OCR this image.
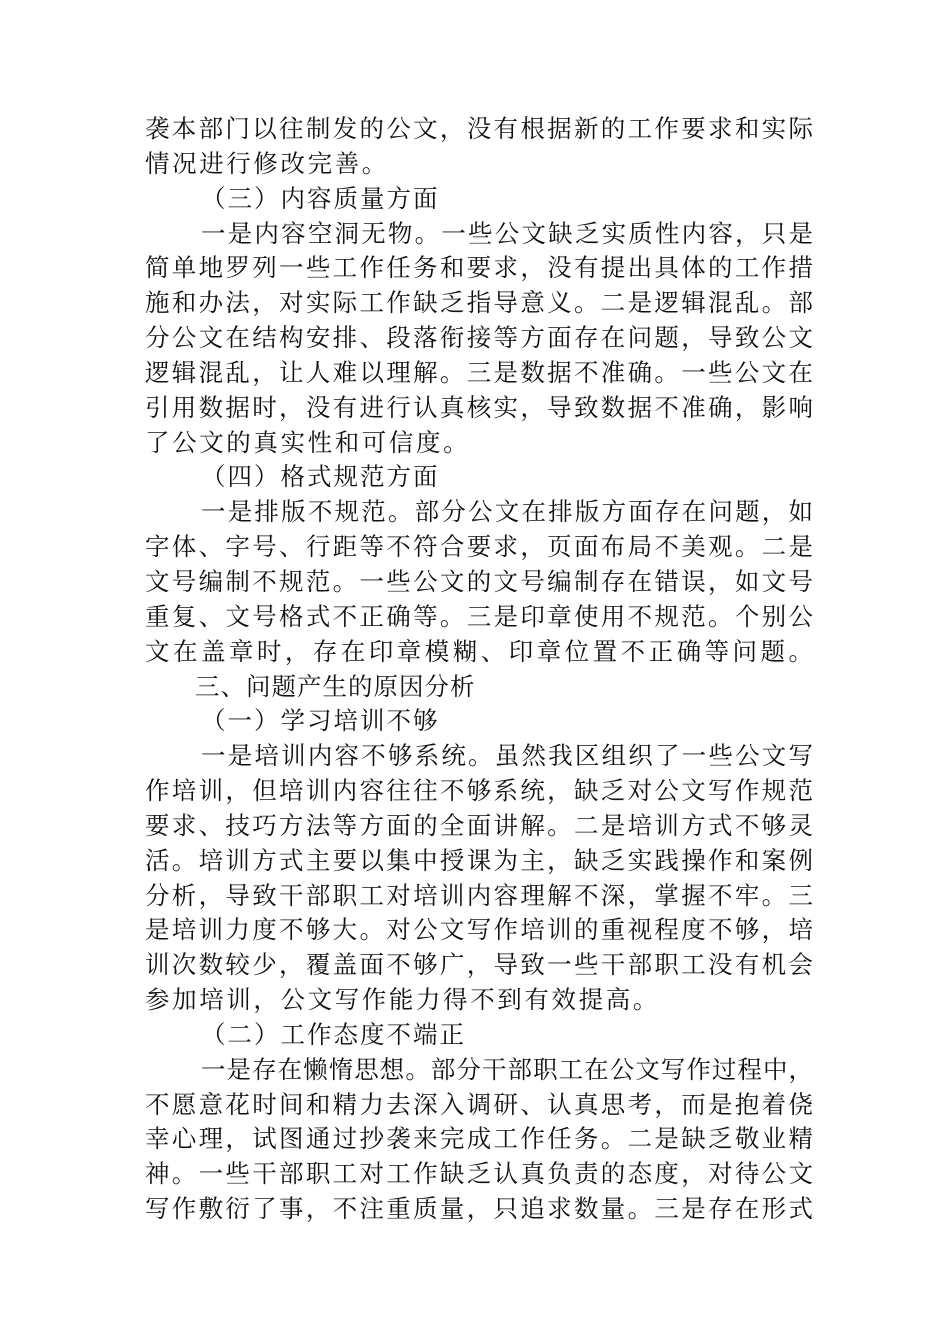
袭本部门以往制发的公文，没有根据新的工作要求和实际
情况进行修改完善。
（三）内容质量方面
一是内容空洞无物。一些公文缺乏实质性内容，只是
简单地罗列一些工作任务和要求，没有提出具体的工作措
施和办法，对实际工作缺乏指导意义。二是逻辑混乱。部
分公文在结构安排、段落衔接等方面存在问题，导致公文
逻辑混乱，让人难以理解。三是数据不准确。一些公文在
引用数据时，没有进行认真核实，导致数据不准确，影响
了公文的真实性和可信度。
（四）格式规范方面
一是排版不规范。部分公文在排版方面存在问题，如
字体、字号、行距等不符合要求，页面布局不美观。二是
文号编制不规范。一些公文的文号编制存在错误，如文号
重复、文号格式不正确等。三是印章使用不规范。个别公
文在盖章时，存在印章模糊、印章位置不正确等问题。
三、问题产生的原因分析
（一）学习培训不够
一是培训内容不够系统。虽然我区组织了一些公文写
作培训，但培训内容往往不够系统，缺乏对公文写作规范
要求、技巧方法等方面的全面讲解。二是培训方式不够灵
活。培训方式主要以集中授课为主，缺乏实践操作和案例
分析，导致干部职工对培训内容理解不深，掌握不牢。三
是培训力度不够大。对公文写作培训的重视程度不够，培
训次数较少，覆盖面不够广，导致一些干部职工没有机会
参加培训，公文写作能力得不到有效提高。
（二）工作态度不端正
一是存在懒惰思想。部分干部职工在公文写作过程中，
不愿意花时间和精力去深入调研、认真思考，而是抱着侥
幸心理，试图通过抄袭来完成工作任务。二是缺乏敬业精
神。一些干部职工对工作缺乏认真负责的态度，对待公文
写作敷衍了事，不注重质量，只追求数量。三是存在形式
